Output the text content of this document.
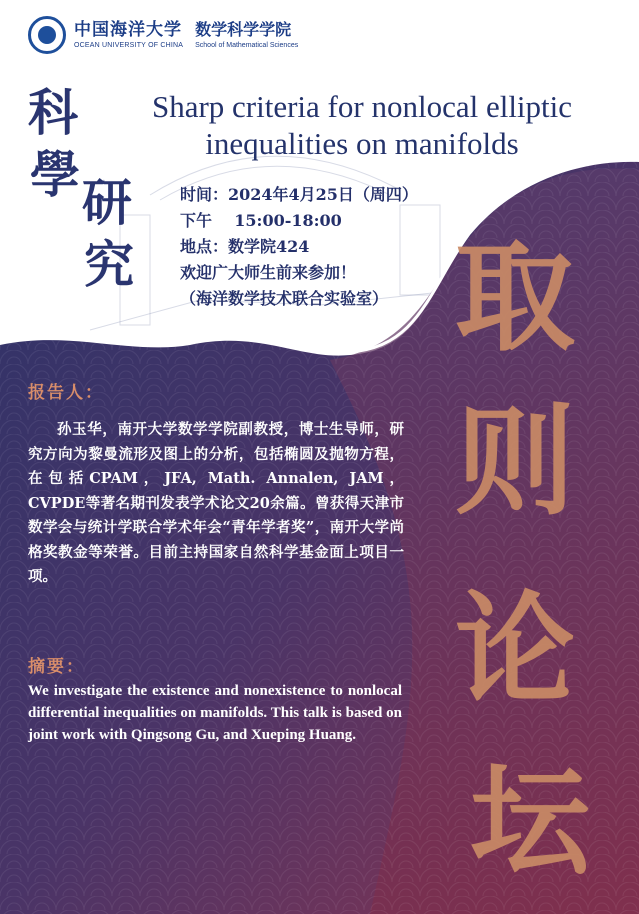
中国海洋大学
OCEAN UNIVERSITY OF CHINA
数学科学学院
School of Mathematical Sciences
科
學 研
究
Sharp criteria for nonlocal elliptic
inequalities on manifolds
时间：2024年4月25日（周四）
下午    15:00-18:00
地点：数学院424
欢迎广大师生前来参加！
（海洋数学技术联合实验室） 取
则
论
坛
报告人：
孙玉华，南开大学数学学院副教授，博士生导师，研究方向为黎曼流形及图上的分析，包括椭圆及抛物方程，在包括CPAM，JFA, Math. Annalen, JAM，CVPDE等著名期刊发表学术论文20余篇。曾获得天津市数学会与统计学联合学术年会“青年学者奖”，南开大学尚格奖教金等荣誉。目前主持国家自然科学基金面上项目一项。
摘要：
We investigate the existence and nonexistence to nonlocal differential inequalities on manifolds. This talk is based on joint work with Qingsong Gu, and Xueping Huang.
